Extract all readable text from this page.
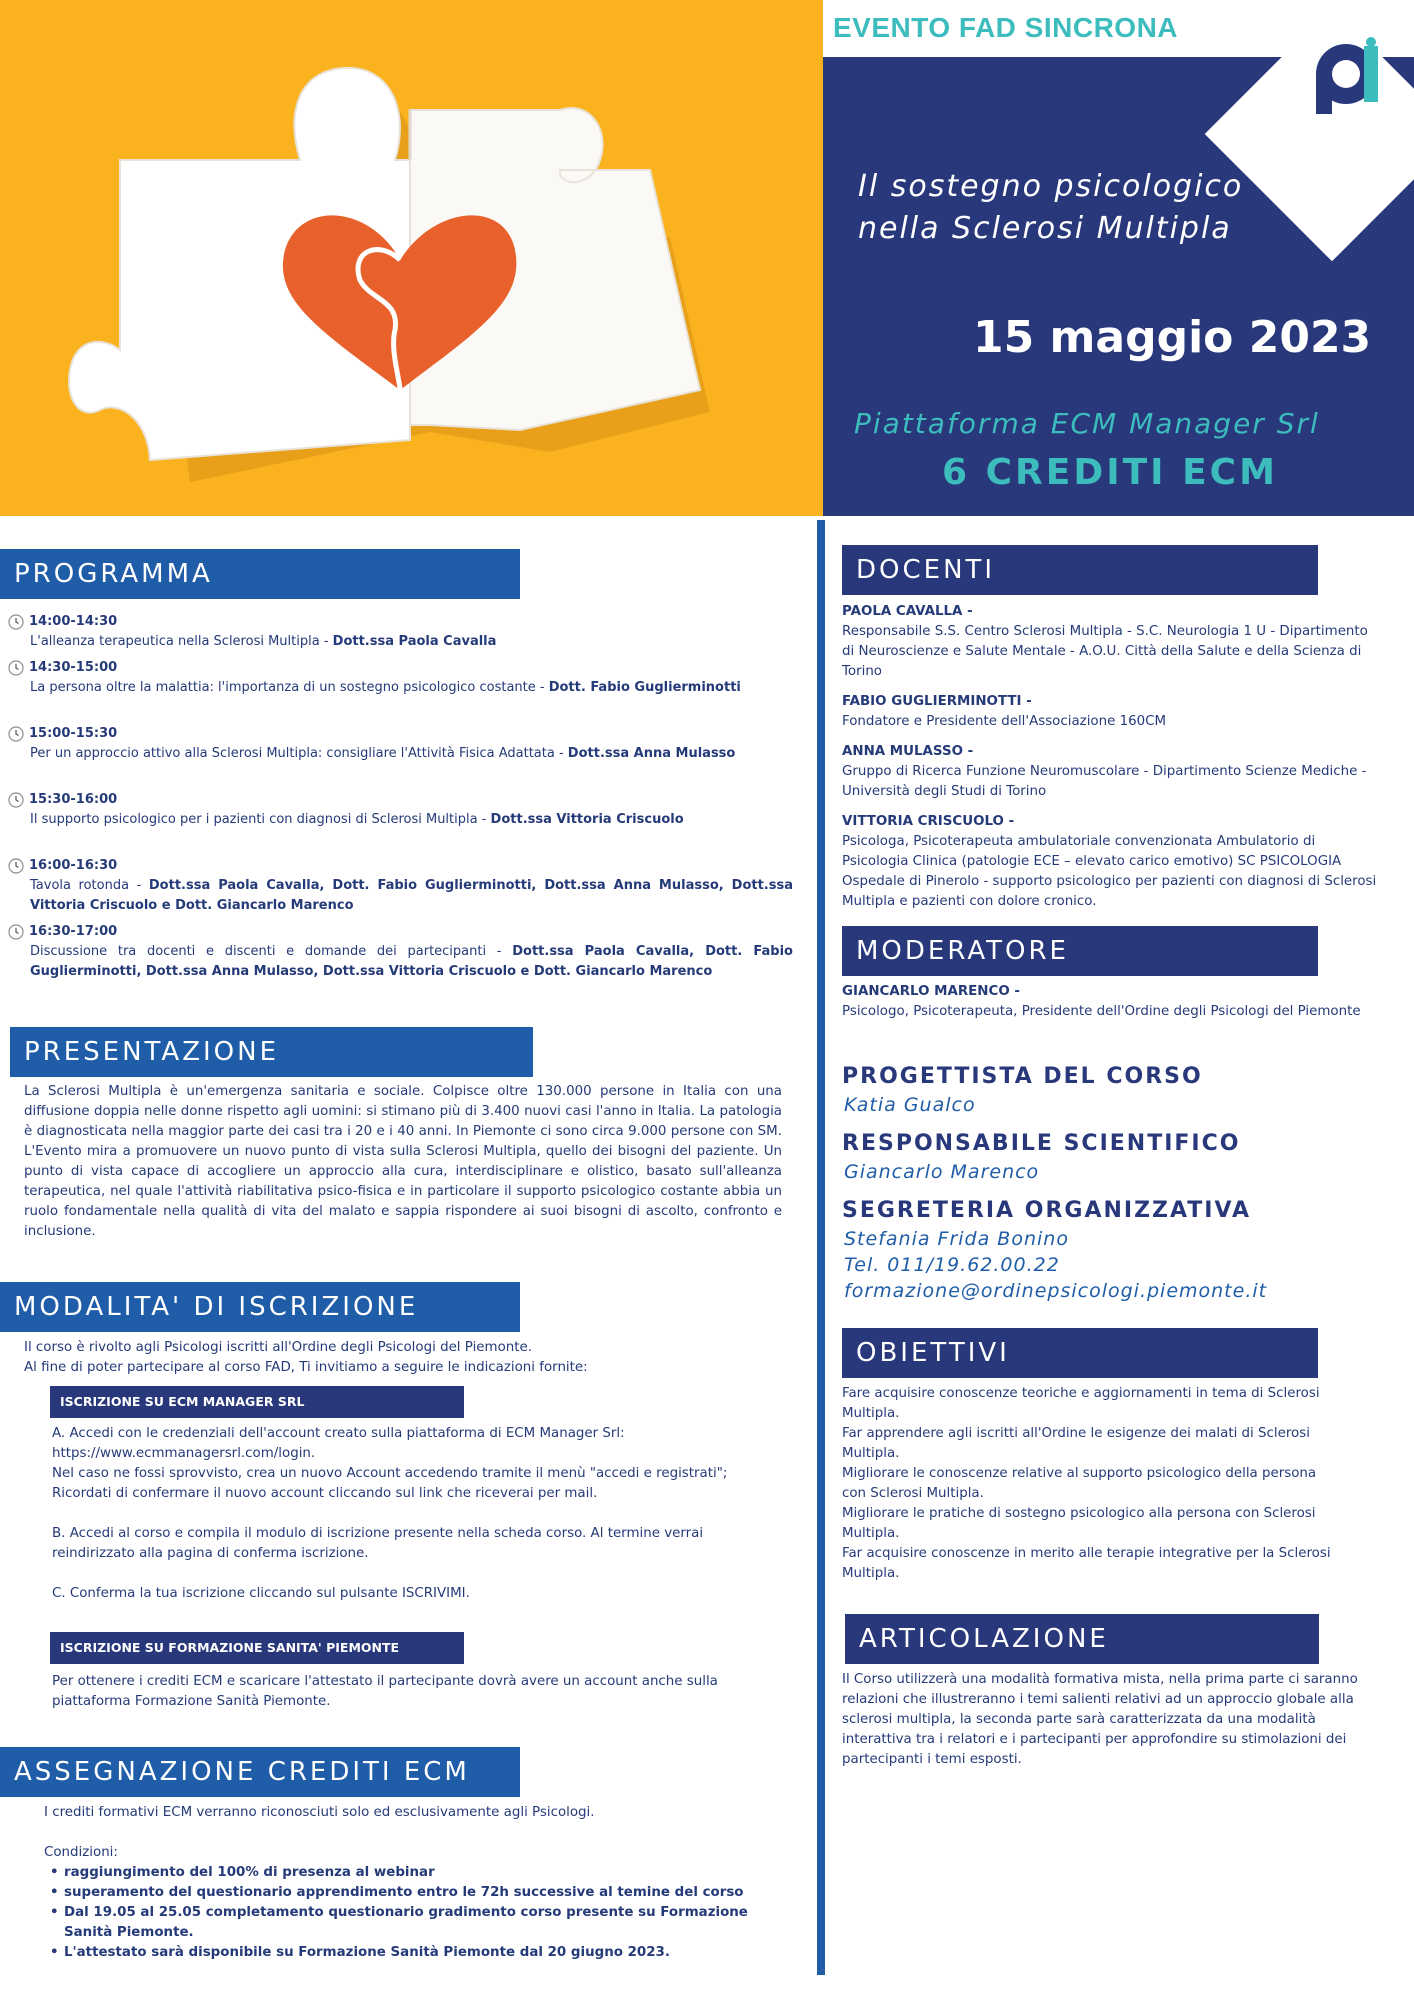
EVENTO FAD SINCRONA
Il sostegno psicologico
nella Sclerosi Multipla
15 maggio 2023
Piattaforma ECM Manager Srl
6 CREDITI ECM
PROGRAMMA
14:00-14:30
L'alleanza terapeutica nella Sclerosi Multipla - Dott.ssa Paola Cavalla
14:30-15:00
La persona oltre la malattia: l'importanza di un sostegno psicologico costante - Dott. Fabio Guglierminotti
15:00-15:30
Per un approccio attivo alla Sclerosi Multipla: consigliare l'Attività Fisica Adattata - Dott.ssa Anna Mulasso
15:30-16:00
Il supporto psicologico per i pazienti con diagnosi di Sclerosi Multipla - Dott.ssa Vittoria Criscuolo
16:00-16:30
Tavola rotonda - Dott.ssa Paola Cavalla, Dott. Fabio Guglierminotti, Dott.ssa Anna Mulasso, Dott.ssa Vittoria Criscuolo e Dott. Giancarlo Marenco
16:30-17:00
Discussione tra docenti e discenti e domande dei partecipanti - Dott.ssa Paola Cavalla, Dott. Fabio Guglierminotti, Dott.ssa Anna Mulasso, Dott.ssa Vittoria Criscuolo e Dott. Giancarlo Marenco
PRESENTAZIONE
La Sclerosi Multipla è un'emergenza sanitaria e sociale. Colpisce oltre 130.000 persone in Italia con una diffusione doppia nelle donne rispetto agli uomini: si stimano più di 3.400 nuovi casi l'anno in Italia. La patologia è diagnosticata nella maggior parte dei casi tra i 20 e i 40 anni. In Piemonte ci sono circa 9.000 persone con SM. L'Evento mira a promuovere un nuovo punto di vista sulla Sclerosi Multipla, quello dei bisogni del paziente. Un punto di vista capace di accogliere un approccio alla cura, interdisciplinare e olistico, basato sull'alleanza terapeutica, nel quale l'attività riabilitativa psico-fisica e in particolare il supporto psicologico costante abbia un ruolo fondamentale nella qualità di vita del malato e sappia rispondere ai suoi bisogni di ascolto, confronto e inclusione.
MODALITA' DI ISCRIZIONE
Il corso è rivolto agli Psicologi iscritti all'Ordine degli Psicologi del Piemonte.
Al fine di poter partecipare al corso FAD, Ti invitiamo a seguire le indicazioni fornite:
ISCRIZIONE SU ECM MANAGER SRL
A. Accedi con le credenziali dell'account creato sulla piattaforma di ECM Manager Srl:
https://www.ecmmanagersrl.com/login.
Nel caso ne fossi sprovvisto, crea un nuovo Account accedendo tramite il menù "accedi e registrati";
Ricordati di confermare il nuovo account cliccando sul link che riceverai per mail.
B. Accedi al corso e compila il modulo di iscrizione presente nella scheda corso. Al termine verrai reindirizzato alla pagina di conferma iscrizione.
C. Conferma la tua iscrizione cliccando sul pulsante ISCRIVIMI.
ISCRIZIONE SU FORMAZIONE SANITA' PIEMONTE
Per ottenere i crediti ECM e scaricare l'attestato il partecipante dovrà avere un account anche sulla piattaforma Formazione Sanità Piemonte.
ASSEGNAZIONE CREDITI ECM
I crediti formativi ECM verranno riconosciuti solo ed esclusivamente agli Psicologi.
Condizioni:
• raggiungimento del 100% di presenza al webinar
• superamento del questionario apprendimento entro le 72h successive al temine del corso
• Dal 19.05 al 25.05 completamento questionario gradimento corso presente su Formazione Sanità Piemonte.
• L'attestato sarà disponibile su Formazione Sanità Piemonte dal 20 giugno 2023.
DOCENTI
PAOLA CAVALLA -
Responsabile S.S. Centro Sclerosi Multipla - S.C. Neurologia 1 U - Dipartimento di Neuroscienze e Salute Mentale - A.O.U. Città della Salute e della Scienza di Torino
FABIO GUGLIERMINOTTI -
Fondatore e Presidente dell'Associazione 160CM
ANNA MULASSO -
Gruppo di Ricerca Funzione Neuromuscolare - Dipartimento Scienze Mediche - Università degli Studi di Torino
VITTORIA CRISCUOLO -
Psicologa, Psicoterapeuta ambulatoriale convenzionata Ambulatorio di Psicologia Clinica (patologie ECE – elevato carico emotivo) SC PSICOLOGIA Ospedale di Pinerolo - supporto psicologico per pazienti con diagnosi di Sclerosi Multipla e pazienti con dolore cronico.
MODERATORE
GIANCARLO MARENCO -
Psicologo, Psicoterapeuta, Presidente dell'Ordine degli Psicologi del Piemonte
PROGETTISTA DEL CORSO
Katia Gualco
RESPONSABILE SCIENTIFICO
Giancarlo Marenco
SEGRETERIA ORGANIZZATIVA
Stefania Frida Bonino
Tel. 011/19.62.00.22
formazione@ordinepsicologi.piemonte.it
OBIETTIVI
Fare acquisire conoscenze teoriche e aggiornamenti in tema di Sclerosi Multipla.
Far apprendere agli iscritti all'Ordine le esigenze dei malati di Sclerosi Multipla.
Migliorare le conoscenze relative al supporto psicologico della persona con Sclerosi Multipla.
Migliorare le pratiche di sostegno psicologico alla persona con Sclerosi Multipla.
Far acquisire conoscenze in merito alle terapie integrative per la Sclerosi Multipla.
ARTICOLAZIONE
Il Corso utilizzerà una modalità formativa mista, nella prima parte ci saranno relazioni che illustreranno i temi salienti relativi ad un approccio globale alla sclerosi multipla, la seconda parte sarà caratterizzata da una modalità interattiva tra i relatori e i partecipanti per approfondire su stimolazioni dei partecipanti i temi esposti.
